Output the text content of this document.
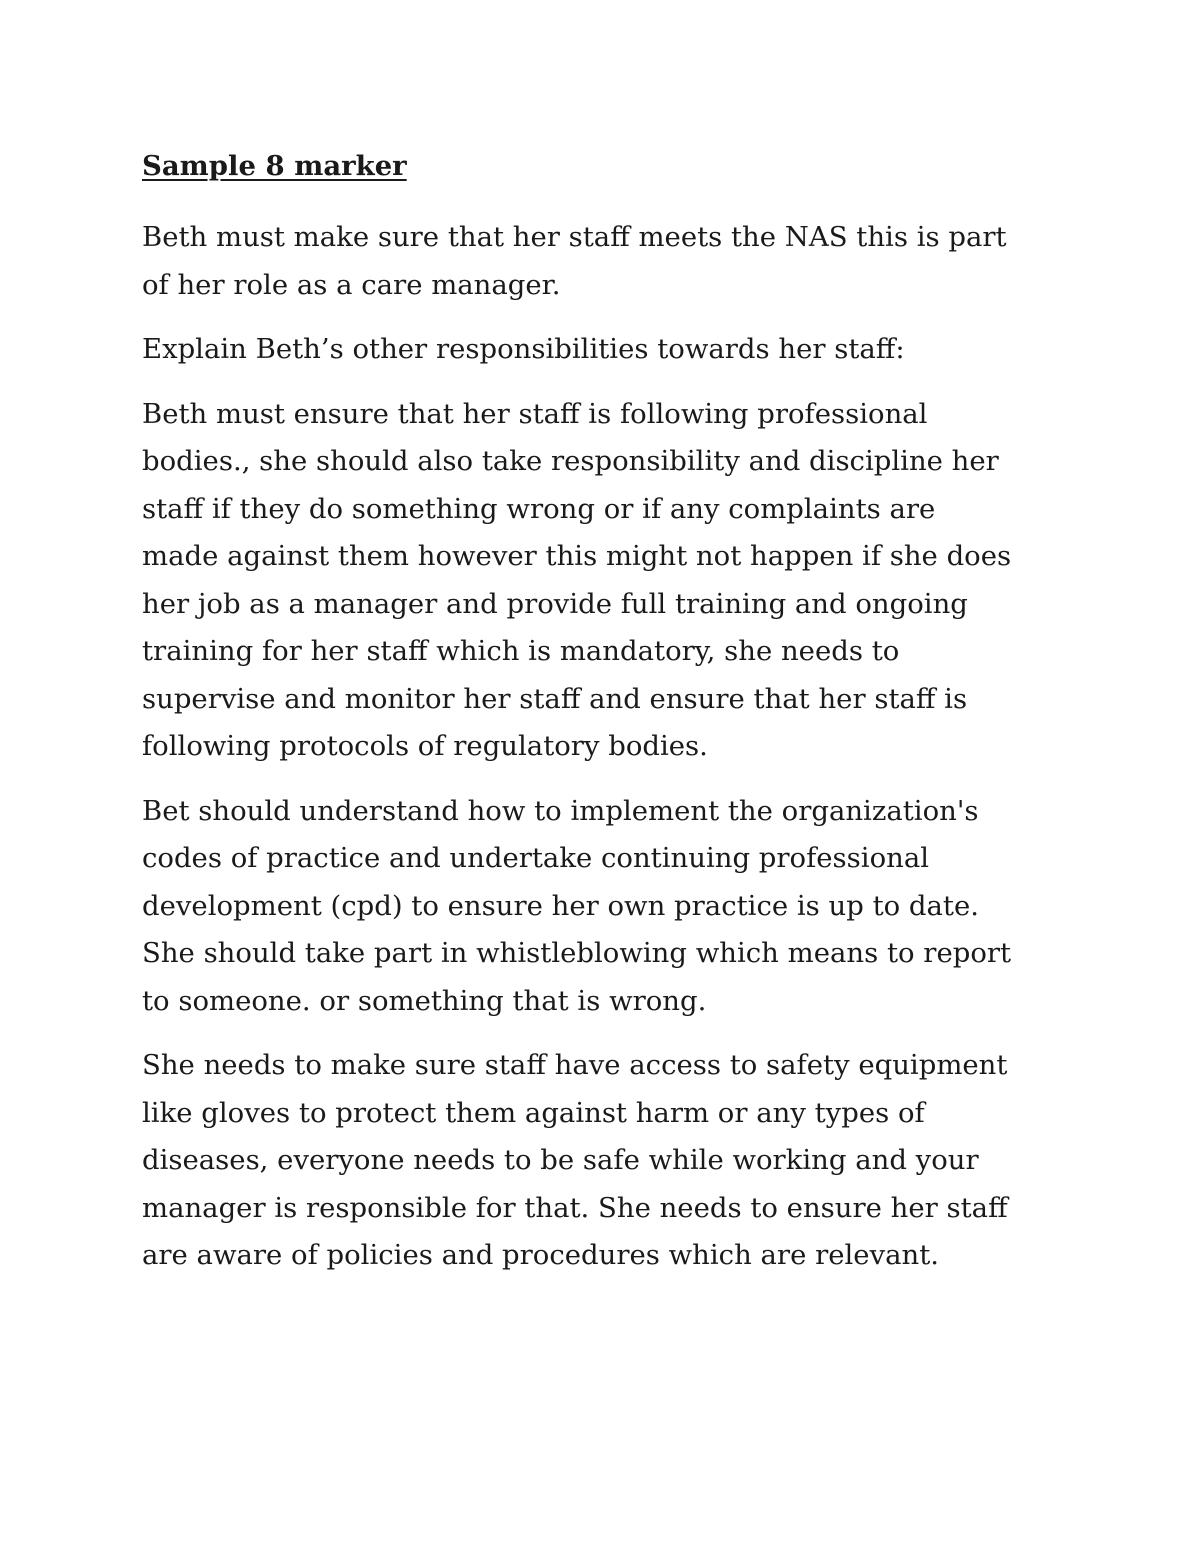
Sample 8 marker

Beth must make sure that her staff meets the NAS this is part
of her role as a care manager.

Explain Beth’s other responsibilities towards her staff:

Beth must ensure that her staff is following professional
bodies., she should also take responsibility and discipline her
staff if they do something wrong or if any complaints are
made against them however this might not happen if she does
her job as a manager and provide full training and ongoing
training for her staff which is mandatory, she needs to
supervise and monitor her staff and ensure that her staff is
following protocols of regulatory bodies.

Bet should understand how to implement the organization's
codes of practice and undertake continuing professional
development (cpd) to ensure her own practice is up to date.
She should take part in whistleblowing which means to report
to someone. or something that is wrong.

She needs to make sure staff have access to safety equipment
like gloves to protect them against harm or any types of
diseases, everyone needs to be safe while working and your
manager is responsible for that. She needs to ensure her staff
are aware of policies and procedures which are relevant.
